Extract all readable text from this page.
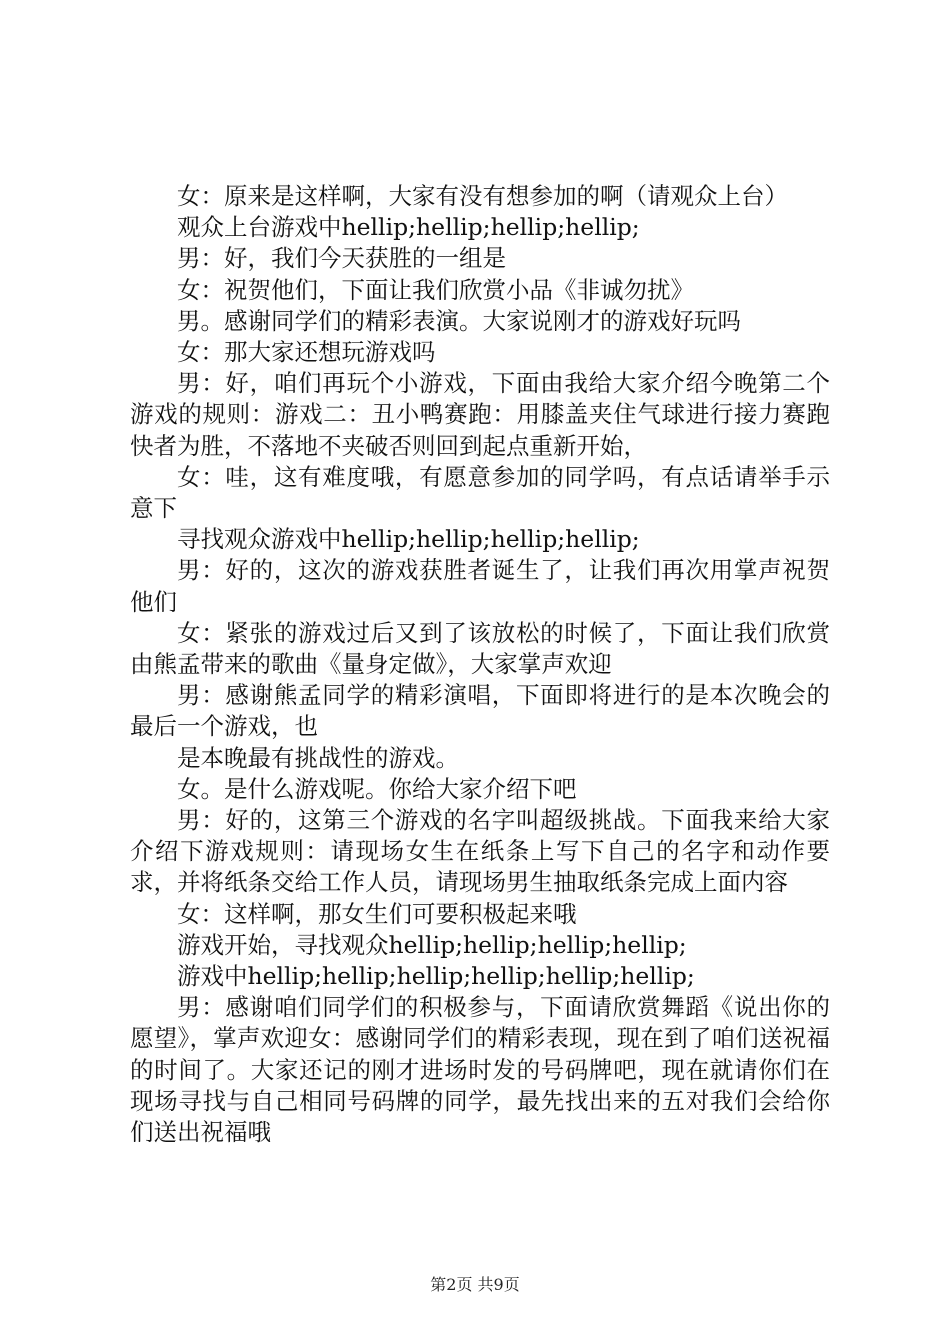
女：原来是这样啊，大家有没有想参加的啊（请观众上台）

观众上台游戏中hellip;hellip;hellip;hellip;

男：好，我们今天获胜的一组是

女：祝贺他们，下面让我们欣赏小品《非诚勿扰》

男。感谢同学们的精彩表演。大家说刚才的游戏好玩吗

女：那大家还想玩游戏吗

男：好，咱们再玩个小游戏，下面由我给大家介绍今晚第二个游戏的规则：游戏二：丑小鸭赛跑：用膝盖夹住气球进行接力赛跑快者为胜，不落地不夹破否则回到起点重新开始，

女：哇，这有难度哦，有愿意参加的同学吗，有点话请举手示意下

寻找观众游戏中hellip;hellip;hellip;hellip;

男：好的，这次的游戏获胜者诞生了，让我们再次用掌声祝贺他们

女：紧张的游戏过后又到了该放松的时候了，下面让我们欣赏由熊孟带来的歌曲《量身定做》，大家掌声欢迎

男：感谢熊孟同学的精彩演唱，下面即将进行的是本次晚会的最后一个游戏，也

是本晚最有挑战性的游戏。

女。是什么游戏呢。你给大家介绍下吧

男：好的，这第三个游戏的名字叫超级挑战。下面我来给大家介绍下游戏规则：请现场女生在纸条上写下自己的名字和动作要求，并将纸条交给工作人员，请现场男生抽取纸条完成上面内容

女：这样啊，那女生们可要积极起来哦

游戏开始，寻找观众hellip;hellip;hellip;hellip;

游戏中hellip;hellip;hellip;hellip;hellip;hellip;

男：感谢咱们同学们的积极参与，下面请欣赏舞蹈《说出你的愿望》，掌声欢迎女：感谢同学们的精彩表现，现在到了咱们送祝福的时间了。大家还记的刚才进场时发的号码牌吧，现在就请你们在现场寻找与自己相同号码牌的同学，最先找出来的五对我们会给你们送出祝福哦

第2页 共9页
